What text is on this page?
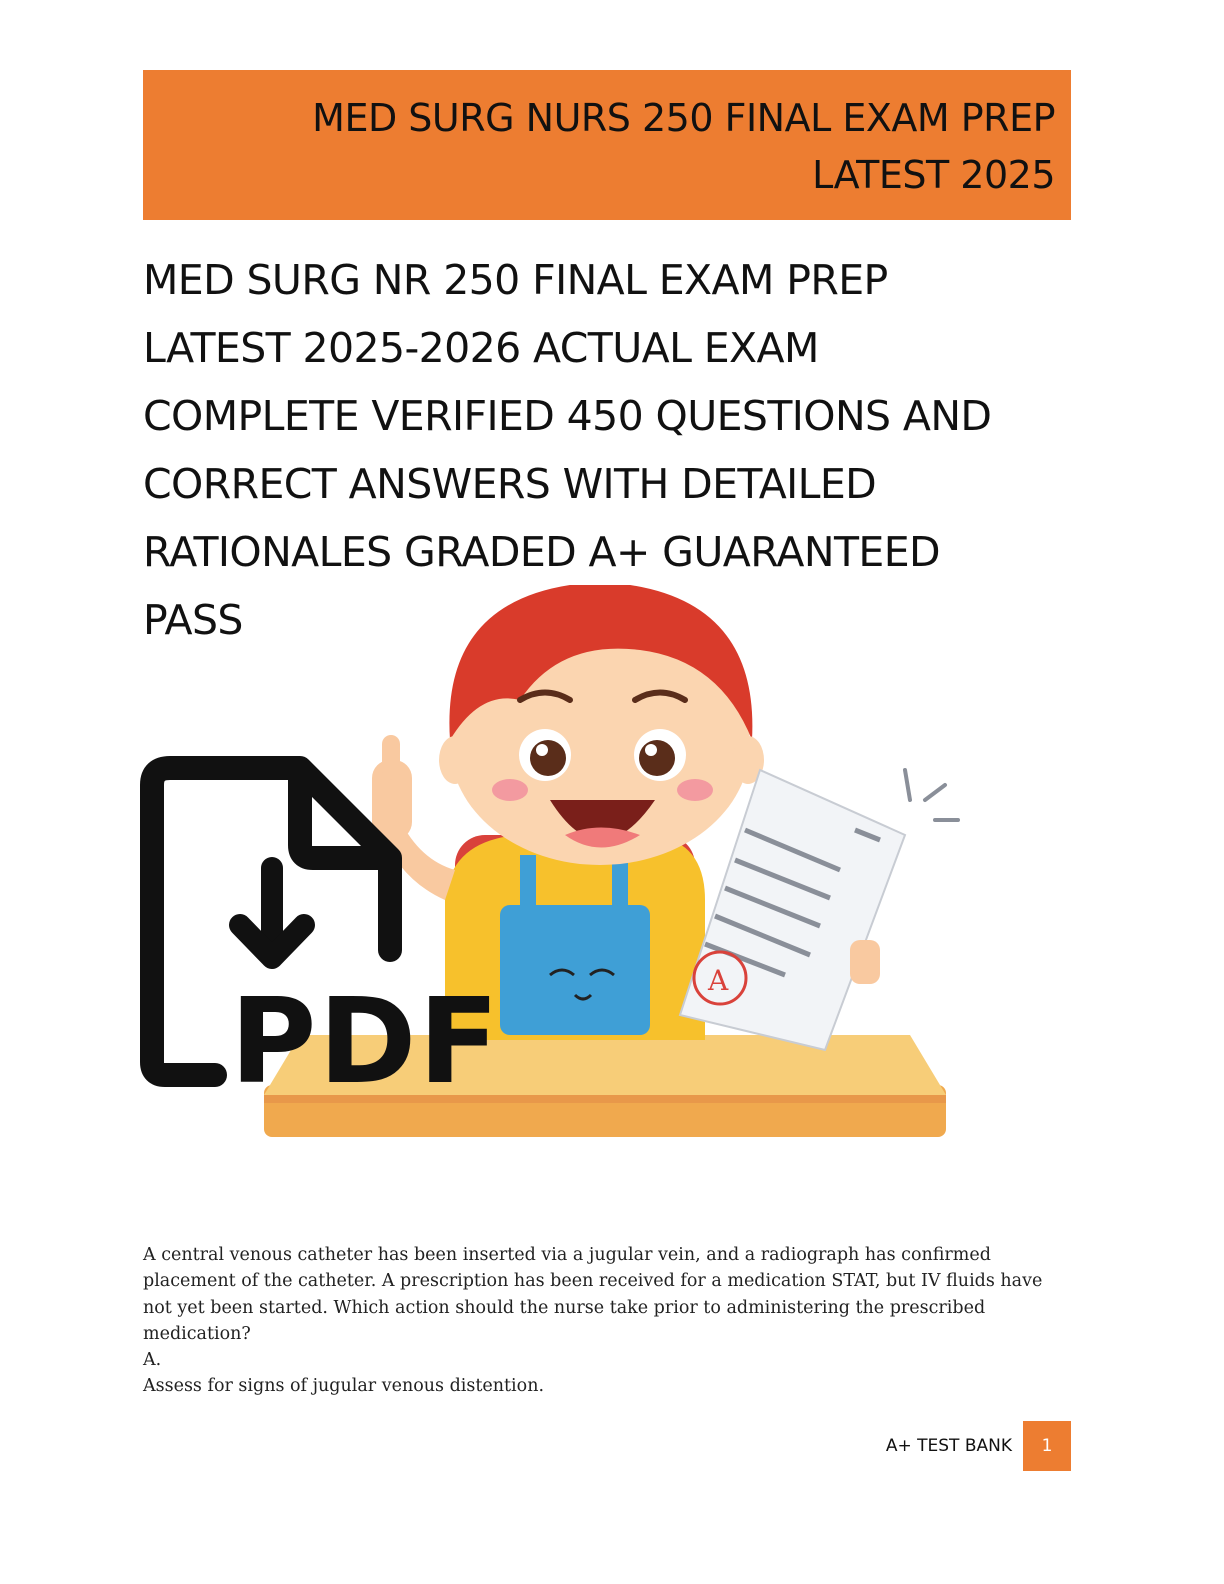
MED SURG NURS 250 FINAL EXAM PREP
LATEST 2025
MED SURG NR 250 FINAL EXAM PREP
LATEST 2025-2026 ACTUAL EXAM
COMPLETE VERIFIED 450 QUESTIONS AND
CORRECT ANSWERS WITH DETAILED
RATIONALES GRADED A+ GUARANTEED
PASS
A
PDF
A central venous catheter has been inserted via a jugular vein, and a radiograph has confirmed
placement of the catheter. A prescription has been received for a medication STAT, but IV fluids have
not yet been started. Which action should the nurse take prior to administering the prescribed
medication?
A.
Assess for signs of jugular venous distention.
A+ TEST BANK	1
